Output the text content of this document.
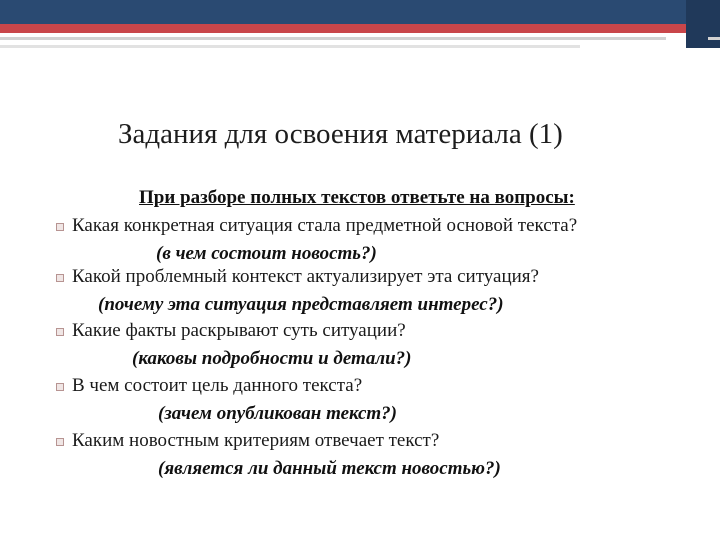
Задания для освоения материала (1)
При разборе полных текстов ответьте на вопросы:
Какая конкретная ситуация стала предметной основой текста?
(в чем состоит новость?)
Какой проблемный контекст актуализирует эта ситуация?
(почему эта ситуация представляет интерес?)
Какие факты раскрывают суть ситуации?
(каковы подробности и детали?)
В чем состоит цель данного текста?
(зачем опубликован текст?)
Каким новостным критериям отвечает текст?
(является ли данный текст новостью?)
